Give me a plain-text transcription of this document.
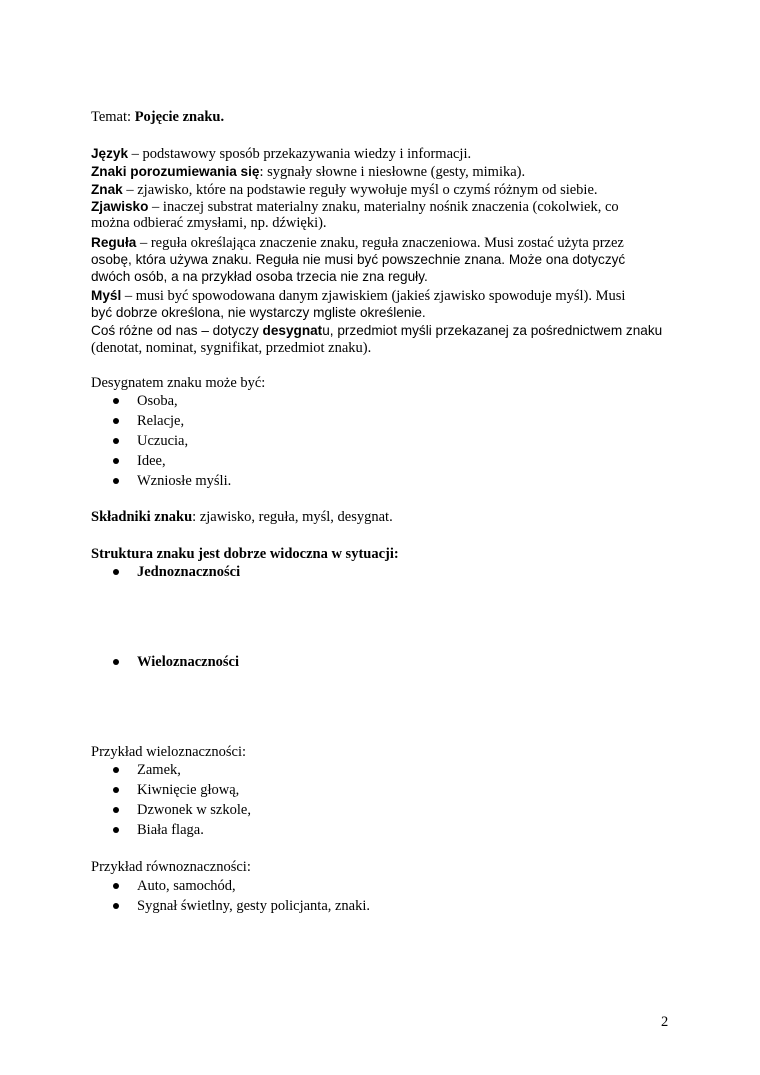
Temat: Pojęcie znaku.
Język – podstawowy sposób przekazywania wiedzy i informacji.
Znaki porozumiewania się: sygnały słowne i niesłowne (gesty, mimika).
Znak – zjawisko, które na podstawie reguły wywołuje myśl o czymś różnym od siebie.
Zjawisko – inaczej substrat materialny znaku, materialny nośnik znaczenia (cokolwiek, co
można odbierać zmysłami, np. dźwięki).
Reguła – reguła określająca znaczenie znaku, reguła znaczeniowa. Musi zostać użyta przez
osobę, która używa znaku. Reguła nie musi być powszechnie znana. Może ona dotyczyć
dwóch osób, a na przykład osoba trzecia nie zna reguły.
Myśl – musi być spowodowana danym zjawiskiem (jakieś zjawisko spowoduje myśl). Musi
być dobrze określona, nie wystarczy mgliste określenie.
Coś różne od nas – dotyczy desygnatu, przedmiot myśli przekazanej za pośrednictwem znaku
(denotat, nominat, sygnifikat, przedmiot znaku).
Desygnatem znaku może być:
Osoba,
Relacje,
Uczucia,
Idee,
Wzniosłe myśli.
Składniki znaku: zjawisko, reguła, myśl, desygnat.
Struktura znaku jest dobrze widoczna w sytuacji:
Jednoznaczności
Wieloznaczności
Przykład wieloznaczności:
Zamek,
Kiwnięcie głową,
Dzwonek w szkole,
Biała flaga.
Przykład równoznaczności:
Auto, samochód,
Sygnał świetlny, gesty policjanta, znaki.
2
